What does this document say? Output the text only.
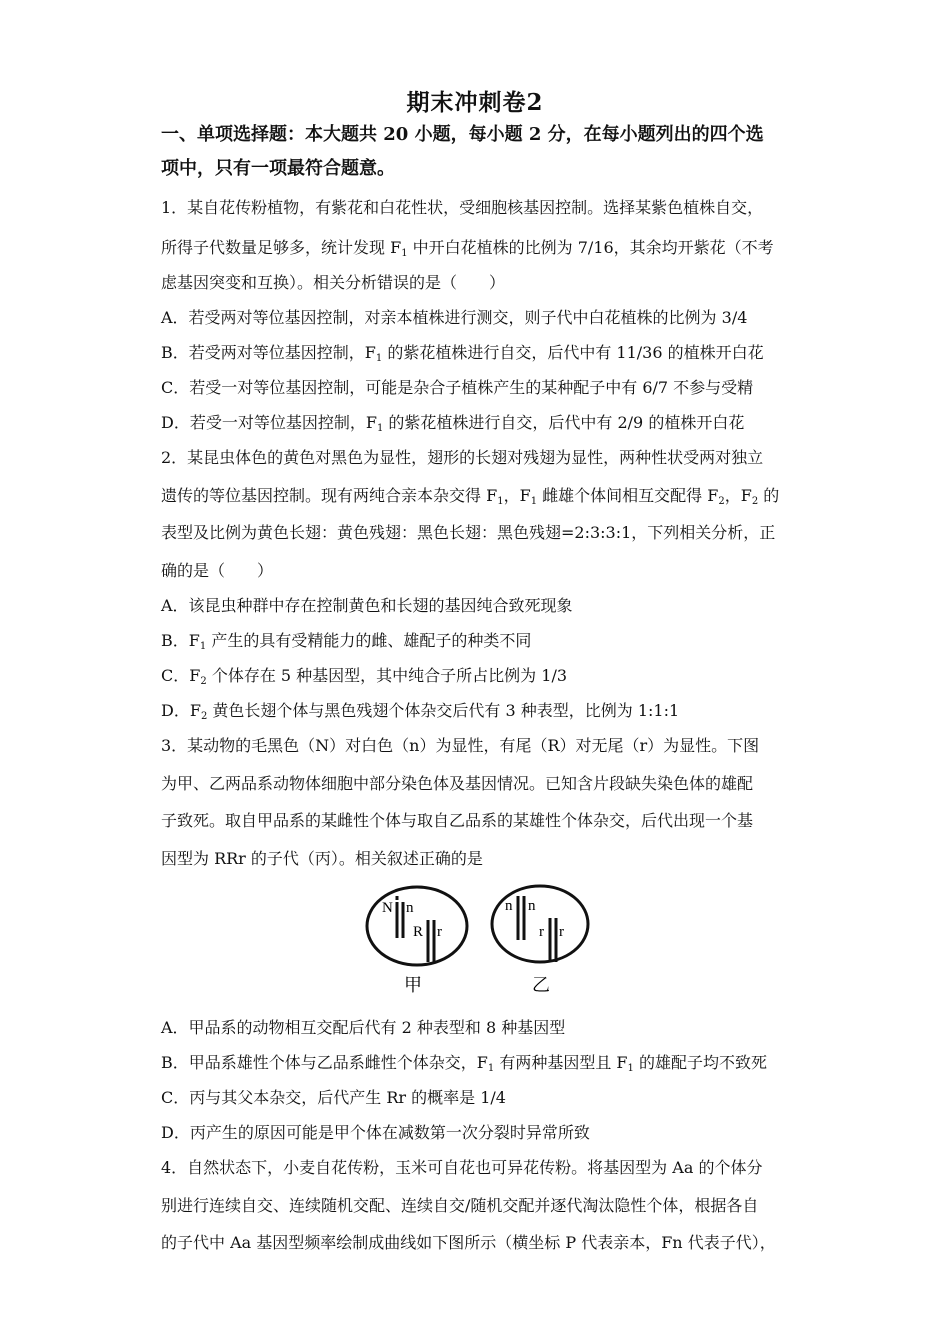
期末冲刺卷2
一、单项选择题：本大题共 20 小题，每小题 2 分，在每小题列出的四个选
项中，只有一项最符合题意。
1．某自花传粉植物，有紫花和白花性状，受细胞核基因控制。选择某紫色植株自交，
所得子代数量足够多，统计发现 $F_1$ 中开白花植株的比例为 7/16，其余均开紫花（不考
虑基因突变和互换）。相关分析错误的是（　　）
A．若受两对等位基因控制，对亲本植株进行测交，则子代中白花植株的比例为 3/4
B．若受两对等位基因控制，$F_1$ 的紫花植株进行自交，后代中有 11/36 的植株开白花
C．若受一对等位基因控制，可能是杂合子植株产生的某种配子中有 6/7 不参与受精
D．若受一对等位基因控制，$F_1$ 的紫花植株进行自交，后代中有 2/9 的植株开白花
2．某昆虫体色的黄色对黑色为显性，翅形的长翅对残翅为显性，两种性状受两对独立
遗传的等位基因控制。现有两纯合亲本杂交得 $F_1$，$F_1$ 雌雄个体间相互交配得 $F_2$，$F_2$ 的
表型及比例为黄色长翅：黄色残翅：黑色长翅：黑色残翅=2:3:3:1，下列相关分析，正
确的是（　　）
A．该昆虫种群中存在控制黄色和长翅的基因纯合致死现象
B．$F_1$ 产生的具有受精能力的雌、雄配子的种类不同
C．$F_2$ 个体存在 5 种基因型，其中纯合子所占比例为 1/3
D．$F_2$ 黄色长翅个体与黑色残翅个体杂交后代有 3 种表型，比例为 1:1:1
3．某动物的毛黑色（N）对白色（n）为显性，有尾（R）对无尾（r）为显性。下图
为甲、乙两品系动物体细胞中部分染色体及基因情况。已知含片段缺失染色体的雄配
子致死。取自甲品系的某雌性个体与取自乙品系的某雄性个体杂交，后代出现一个基
因型为 RRr 的子代（丙）。相关叙述正确的是
N n
R r
甲
n n
r r
乙
A．甲品系的动物相互交配后代有 2 种表型和 8 种基因型
B．甲品系雄性个体与乙品系雌性个体杂交，$F_1$ 有两种基因型且 $F_1$ 的雄配子均不致死
C．丙与其父本杂交，后代产生 Rr 的概率是 1/4
D．丙产生的原因可能是甲个体在减数第一次分裂时异常所致
4．自然状态下，小麦自花传粉，玉米可自花也可异花传粉。将基因型为 Aa 的个体分
别进行连续自交、连续随机交配、连续自交/随机交配并逐代淘汰隐性个体，根据各自
的子代中 Aa 基因型频率绘制成曲线如下图所示（横坐标 P 代表亲本，Fn 代表子代），
